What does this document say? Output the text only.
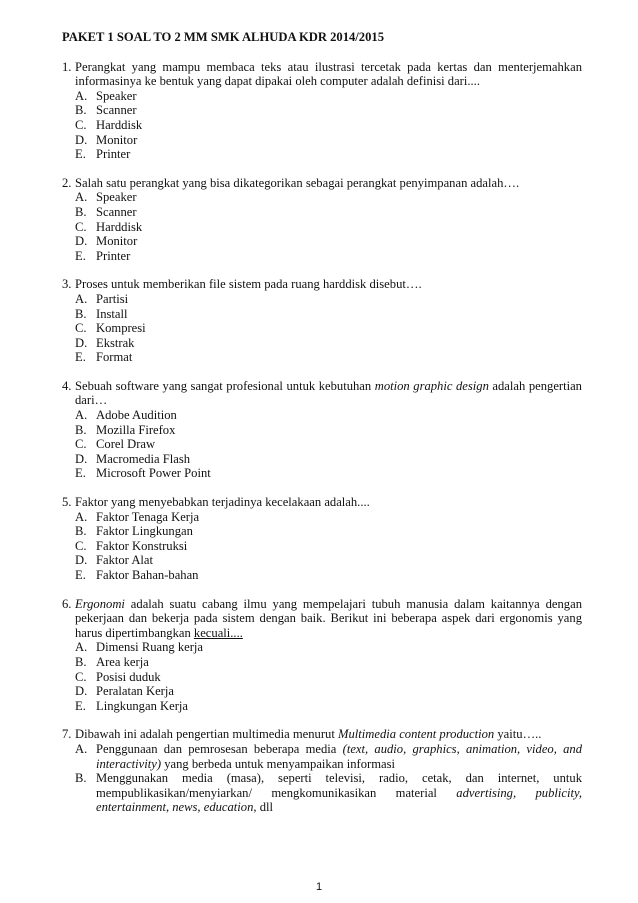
PAKET 1 SOAL TO 2 MM SMK ALHUDA KDR 2014/2015
1. Perangkat yang mampu membaca teks atau ilustrasi tercetak pada kertas dan menterjemahkan informasinya ke bentuk yang dapat dipakai oleh computer adalah definisi dari....
A. Speaker
B. Scanner
C. Harddisk
D. Monitor
E. Printer
2. Salah satu perangkat yang bisa dikategorikan sebagai perangkat penyimpanan adalah….
A. Speaker
B. Scanner
C. Harddisk
D. Monitor
E. Printer
3. Proses untuk memberikan file sistem pada ruang harddisk disebut….
A. Partisi
B. Install
C. Kompresi
D. Ekstrak
E. Format
4. Sebuah software yang sangat profesional untuk kebutuhan motion graphic design adalah pengertian dari…
A. Adobe Audition
B. Mozilla Firefox
C. Corel Draw
D. Macromedia Flash
E. Microsoft Power Point
5. Faktor yang menyebabkan terjadinya kecelakaan adalah....
A. Faktor Tenaga Kerja
B. Faktor Lingkungan
C. Faktor Konstruksi
D. Faktor Alat
E. Faktor Bahan-bahan
6. Ergonomi adalah suatu cabang ilmu yang mempelajari tubuh manusia dalam kaitannya dengan pekerjaan dan bekerja pada sistem dengan baik. Berikut ini beberapa aspek dari ergonomis yang harus dipertimbangkan kecuali....
A. Dimensi Ruang kerja
B. Area kerja
C. Posisi duduk
D. Peralatan Kerja
E. Lingkungan Kerja
7. Dibawah ini adalah pengertian multimedia menurut Multimedia content production yaitu…..
A. Penggunaan dan pemrosesan beberapa media (text, audio, graphics, animation, video, and interactivity) yang berbeda untuk menyampaikan informasi
B. Menggunakan media (masa), seperti televisi, radio, cetak, dan internet, untuk mempublikasikan/menyiarkan/ mengkomunikasikan material advertising, publicity, entertainment, news, education, dll
1
